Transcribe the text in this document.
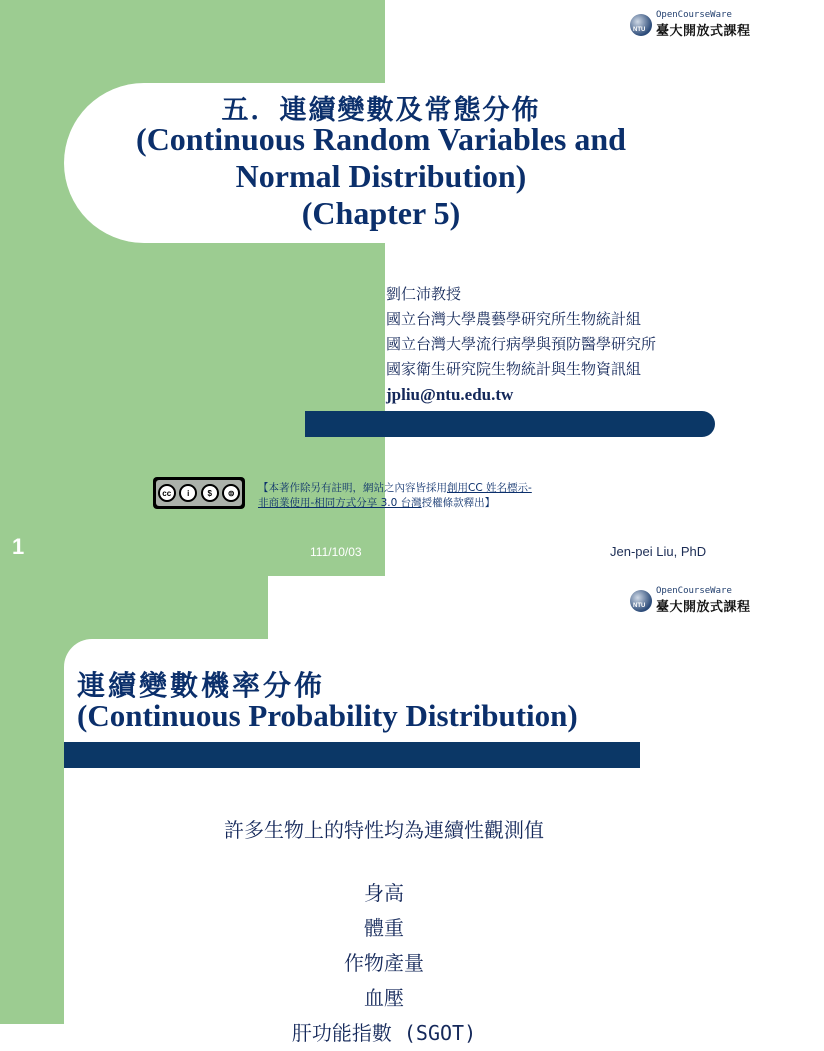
NTU
OpenCourseWare
臺大開放式課程
五．連續變數及常態分佈
(Continuous Random Variables and
Normal Distribution)
(Chapter 5)
劉仁沛教授
國立台灣大學農藝學研究所生物統計組
國立台灣大學流行病學與預防醫學研究所
國家衛生研究院生物統計與生物資訊組
jpliu@ntu.edu.tw
cc	i	$	⊜	【本著作除另有註明，網站之內容皆採用創用CC 姓名標示-
非商業使用-相同方式分享 3.0 台灣授權條款釋出】
1	111/10/03	Jen-pei Liu, PhD
NTU
OpenCourseWare
臺大開放式課程
連續變數機率分佈
(Continuous Probability Distribution)
許多生物上的特性均為連續性觀測值
身高
體重
作物產量
血壓
肝功能指數 (SGOT)
